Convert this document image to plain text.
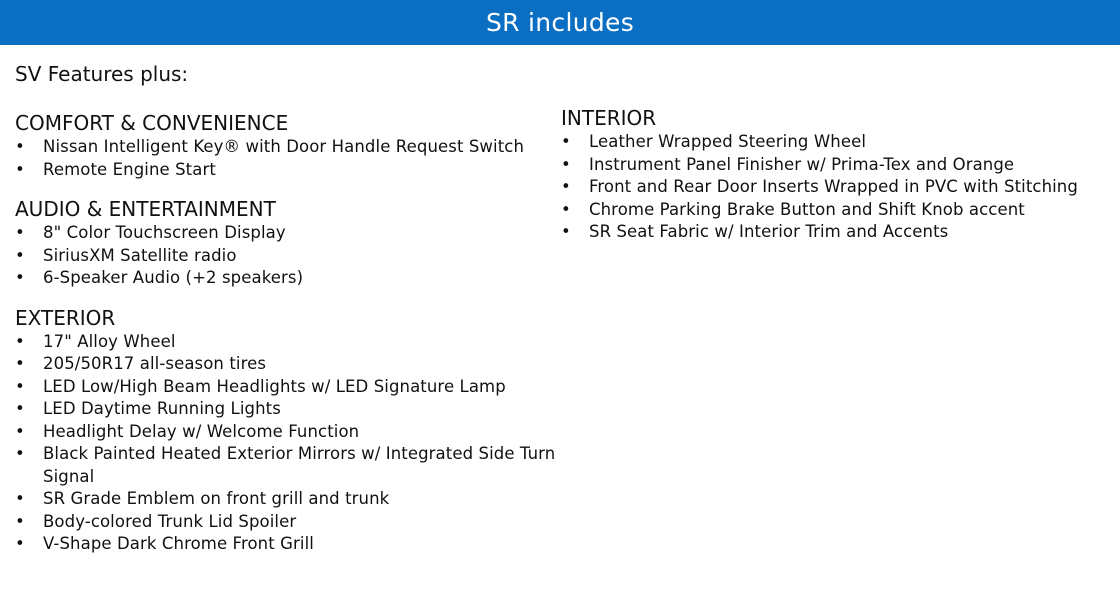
SR includes
SV Features plus:
COMFORT & CONVENIENCE
• Nissan Intelligent Key® with Door Handle Request Switch
• Remote Engine Start
AUDIO & ENTERTAINMENT
• 8" Color Touchscreen Display
• SiriusXM Satellite radio
• 6-Speaker Audio (+2 speakers)
EXTERIOR
• 17" Alloy Wheel
• 205/50R17 all-season tires
• LED Low/High Beam Headlights w/ LED Signature Lamp
• LED Daytime Running Lights
• Headlight Delay w/ Welcome Function
• Black Painted Heated Exterior Mirrors w/ Integrated Side Turn Signal
• SR Grade Emblem on front grill and trunk
• Body-colored Trunk Lid Spoiler
• V-Shape Dark Chrome Front Grill
INTERIOR
• Leather Wrapped Steering Wheel
• Instrument Panel Finisher w/ Prima-Tex and Orange
• Front and Rear Door Inserts Wrapped in PVC with Stitching
• Chrome Parking Brake Button and Shift Knob accent
• SR Seat Fabric w/ Interior Trim and Accents
